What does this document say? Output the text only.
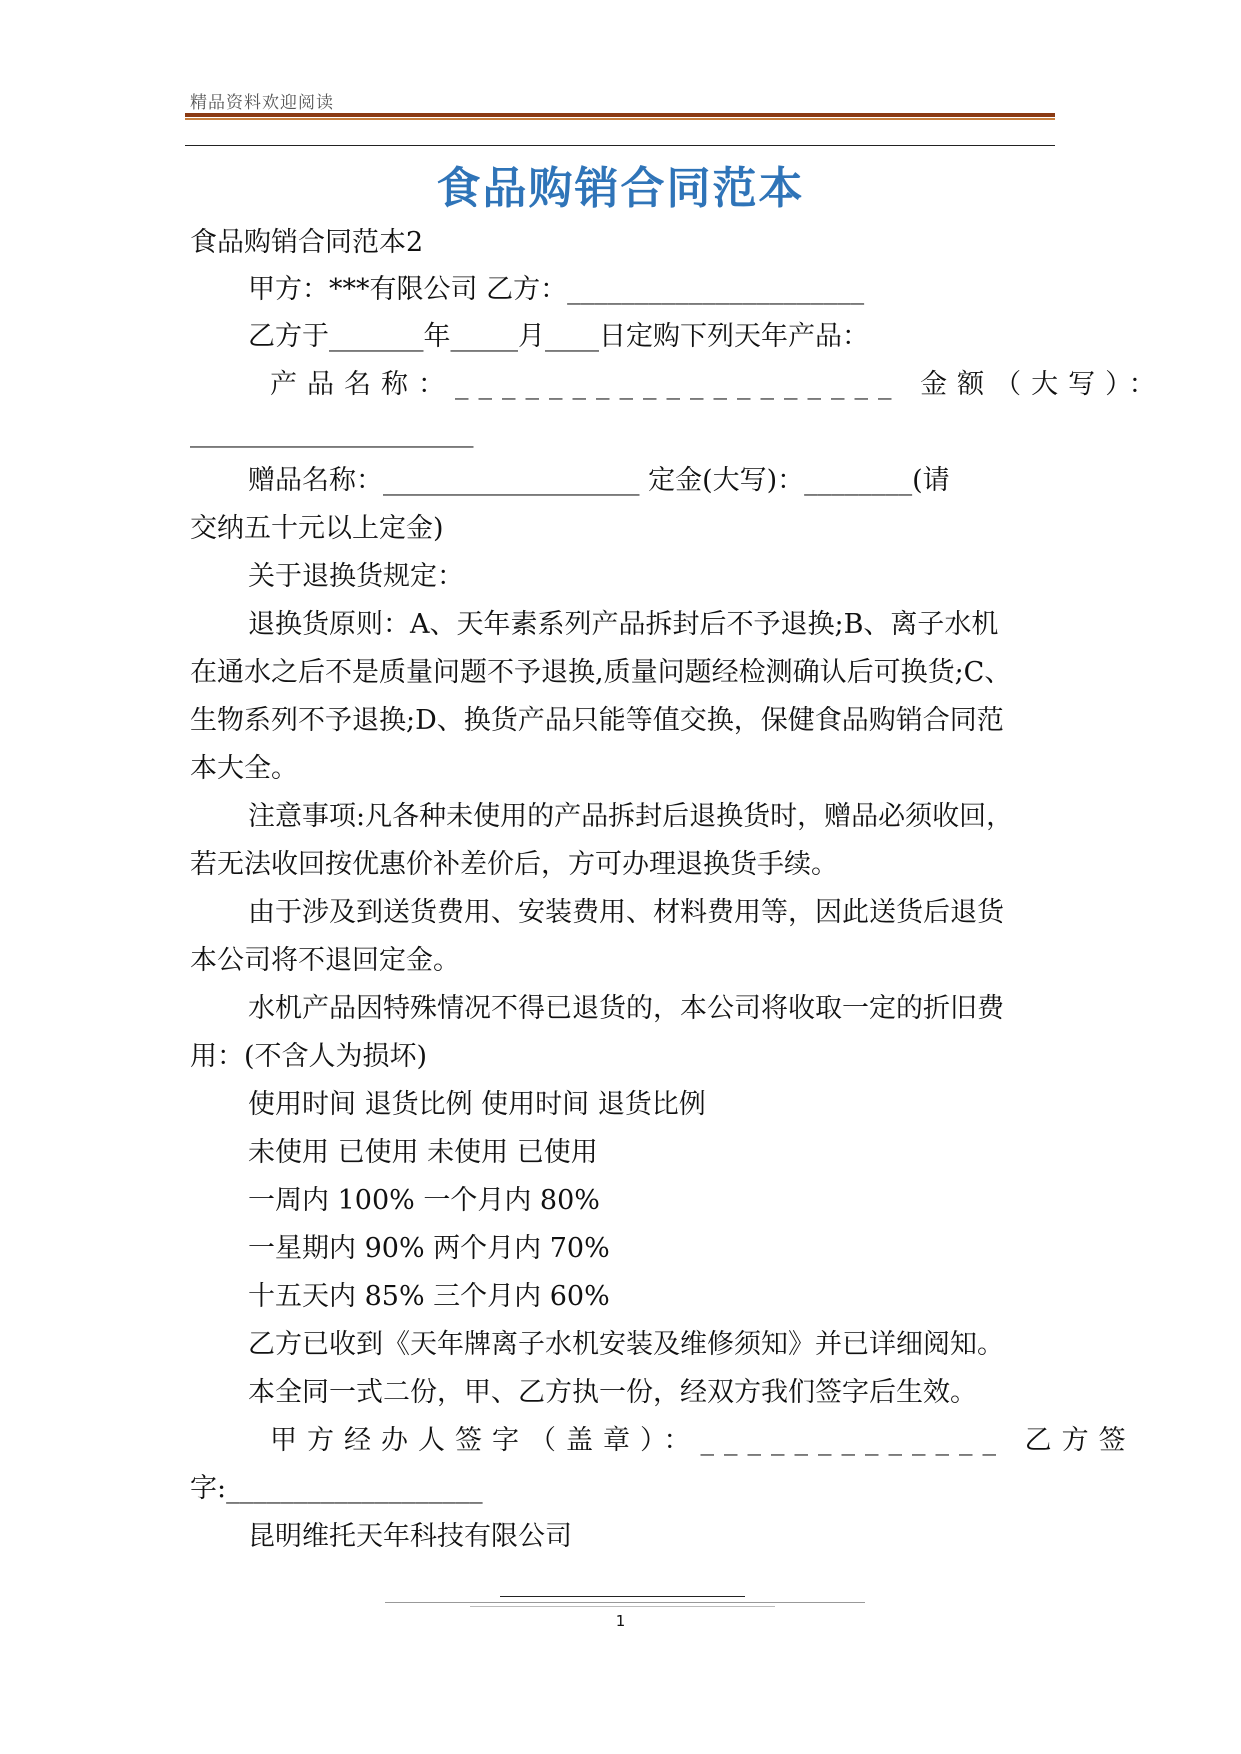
精品资料欢迎阅读
食品购销合同范本
食品购销合同范本2
甲方：***有限公司 乙方：______________________
乙方于_______年_____月____日定购下列天年产品：
产品名称：___________________ 金额（大写）：
_____________________
赠品名称：___________________ 定金(大写)：________(请
交纳五十元以上定金)
关于退换货规定：
退换货原则：A、天年素系列产品拆封后不予退换;B、离子水机
在通水之后不是质量问题不予退换,质量问题经检测确认后可换货;C、
生物系列不予退换;D、换货产品只能等值交换，保健食品购销合同范
本大全。
注意事项:凡各种未使用的产品拆封后退换货时，赠品必须收回，
若无法收回按优惠价补差价后，方可办理退换货手续。
由于涉及到送货费用、安装费用、材料费用等，因此送货后退货
本公司将不退回定金。
水机产品因特殊情况不得已退货的，本公司将收取一定的折旧费
用：(不含人为损坏)
使用时间 退货比例 使用时间 退货比例
未使用 已使用 未使用 已使用
一周内 100% 一个月内 80%
一星期内 90% 两个月内 70%
十五天内 85% 三个月内 60%
乙方已收到《天年牌离子水机安装及维修须知》并已详细阅知。
本全同一式二份，甲、乙方执一份，经双方我们签字后生效。
甲方经办人签字（盖章）：_____________ 乙方签
字:___________________
昆明维托天年科技有限公司
1
